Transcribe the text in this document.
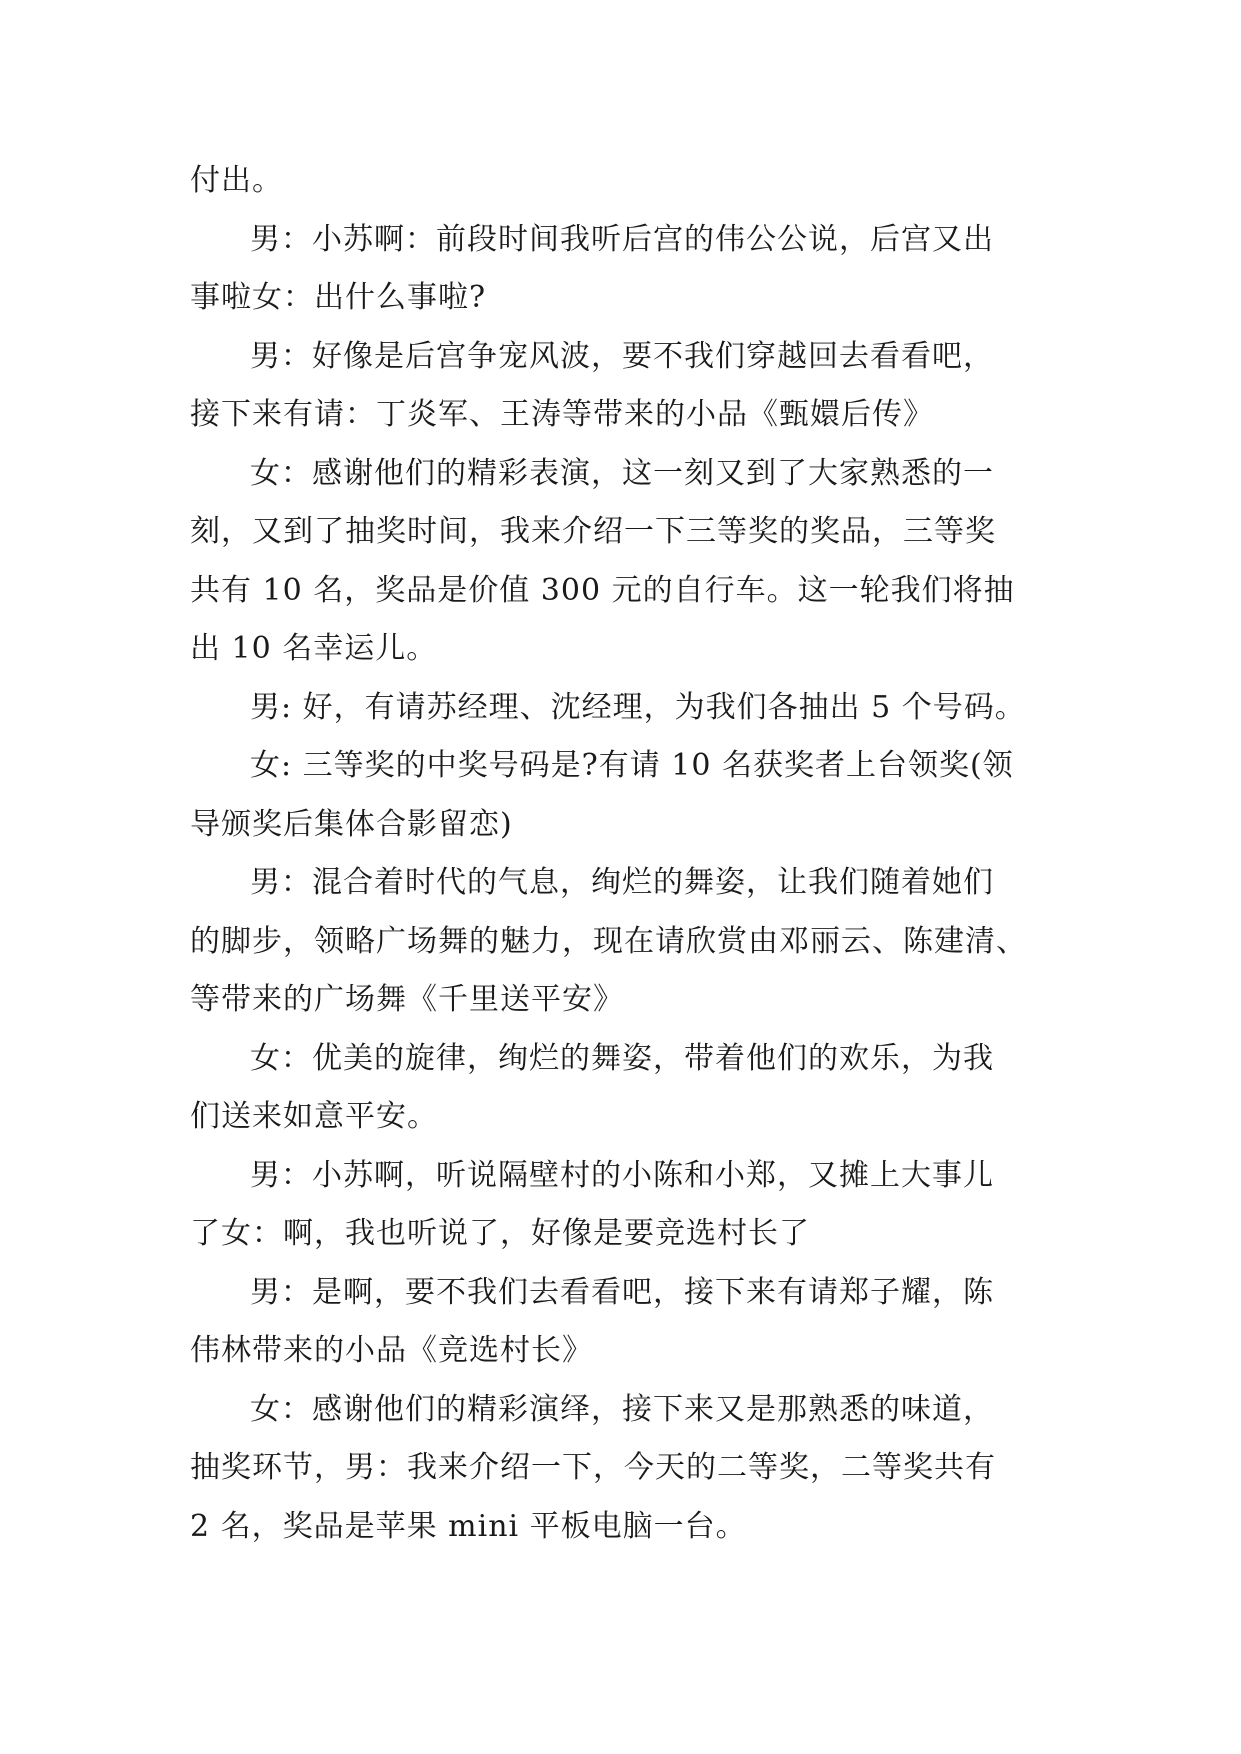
付出。

男：小苏啊：前段时间我听后宫的伟公公说，后宫又出
事啦女：出什么事啦?

男：好像是后宫争宠风波，要不我们穿越回去看看吧，
接下来有请：丁炎军、王涛等带来的小品《甄嬛后传》

女：感谢他们的精彩表演，这一刻又到了大家熟悉的一
刻，又到了抽奖时间，我来介绍一下三等奖的奖品，三等奖
共有 10 名，奖品是价值 300 元的自行车。这一轮我们将抽
出 10 名幸运儿。

男: 好，有请苏经理、沈经理，为我们各抽出 5 个号码。

女: 三等奖的中奖号码是?有请 10 名获奖者上台领奖(领
导颁奖后集体合影留恋)

男：混合着时代的气息，绚烂的舞姿，让我们随着她们
的脚步，领略广场舞的魅力，现在请欣赏由邓丽云、陈建清、
等带来的广场舞《千里送平安》

女：优美的旋律，绚烂的舞姿，带着他们的欢乐，为我
们送来如意平安。

男：小苏啊，听说隔壁村的小陈和小郑，又摊上大事儿
了女：啊，我也听说了，好像是要竞选村长了

男：是啊，要不我们去看看吧，接下来有请郑子耀，陈
伟林带来的小品《竞选村长》

女：感谢他们的精彩演绎，接下来又是那熟悉的味道，
抽奖环节，男：我来介绍一下，今天的二等奖，二等奖共有
2 名，奖品是苹果 mini 平板电脑一台。
